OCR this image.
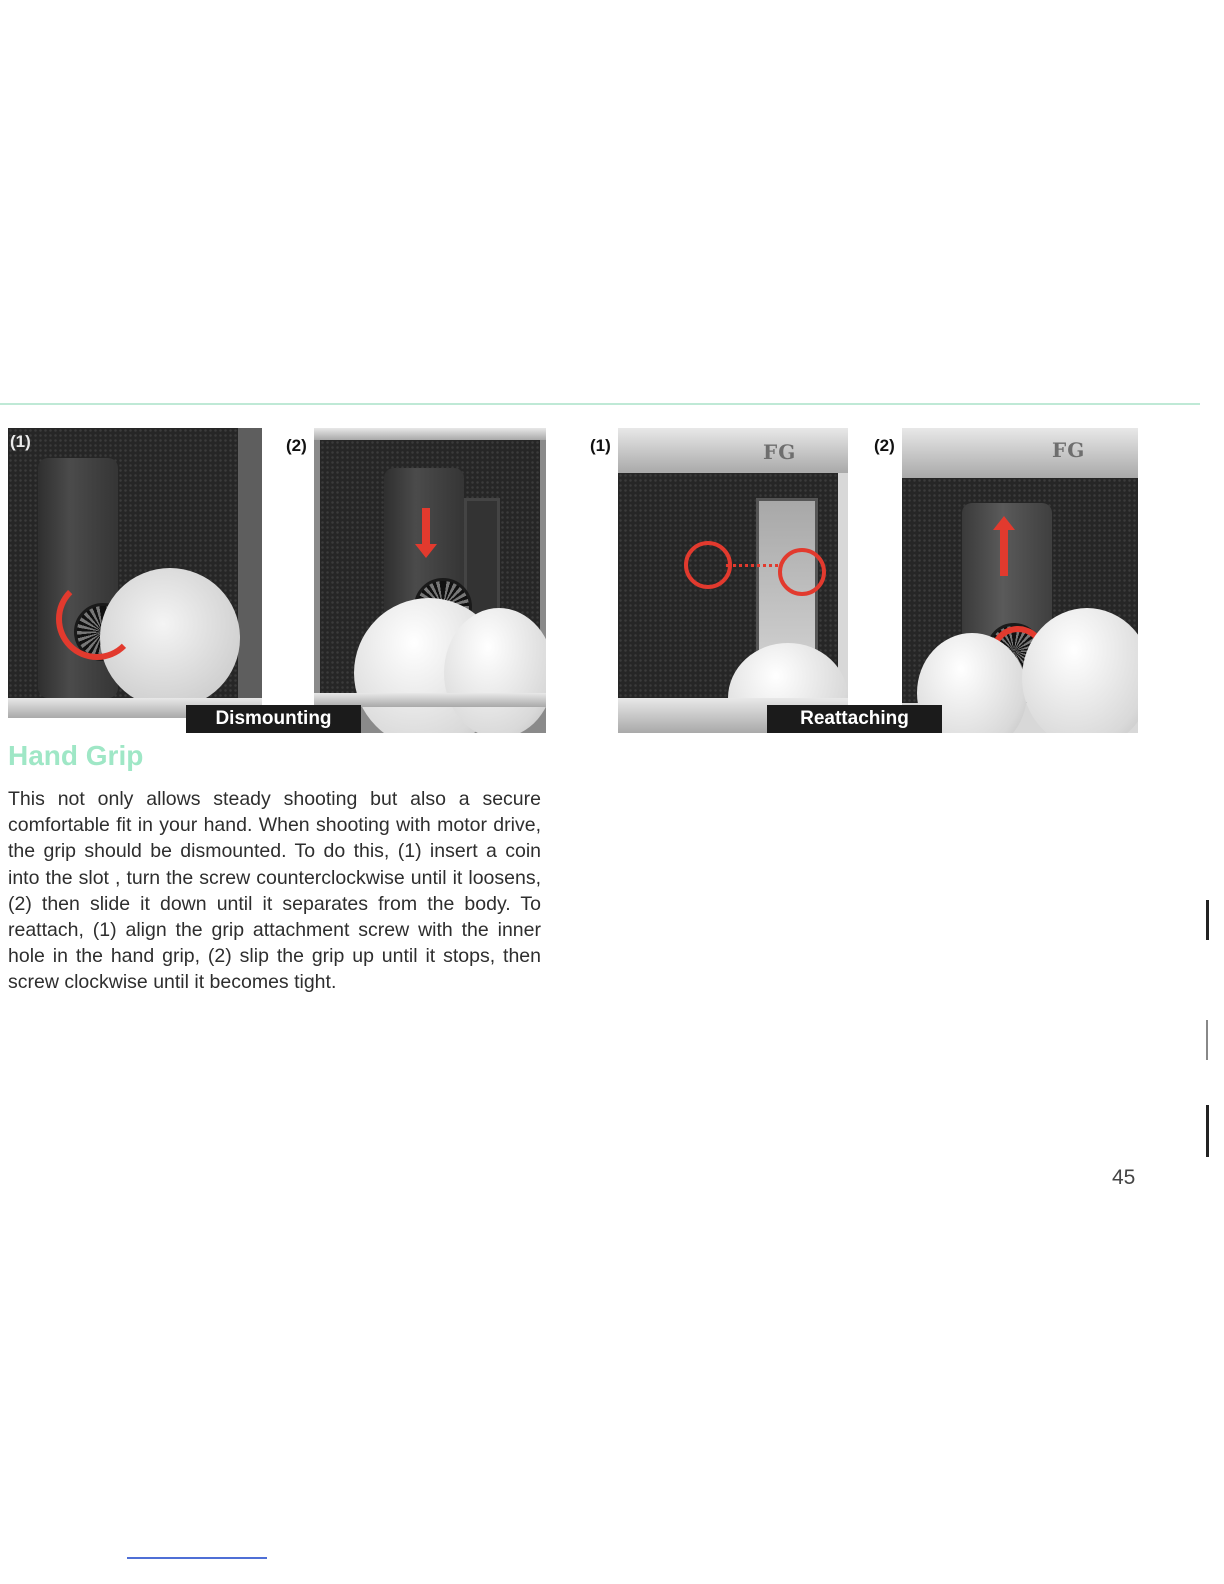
(1)	(2)
Dismounting
(1)	FG	(2)	FG
Reattaching
Hand Grip

This not only allows steady shooting but also a secure comfortable fit in your hand. When shooting with motor drive, the grip should be dismounted. To do this, (1) insert a coin into the slot , turn the screw counterclockwise until it loosens, (2) then slide it down until it separates from the body. To reattach, (1) align the grip attachment screw with the inner hole in the hand grip, (2) slip the grip up until it stops, then screw clockwise until it becomes tight.

45
